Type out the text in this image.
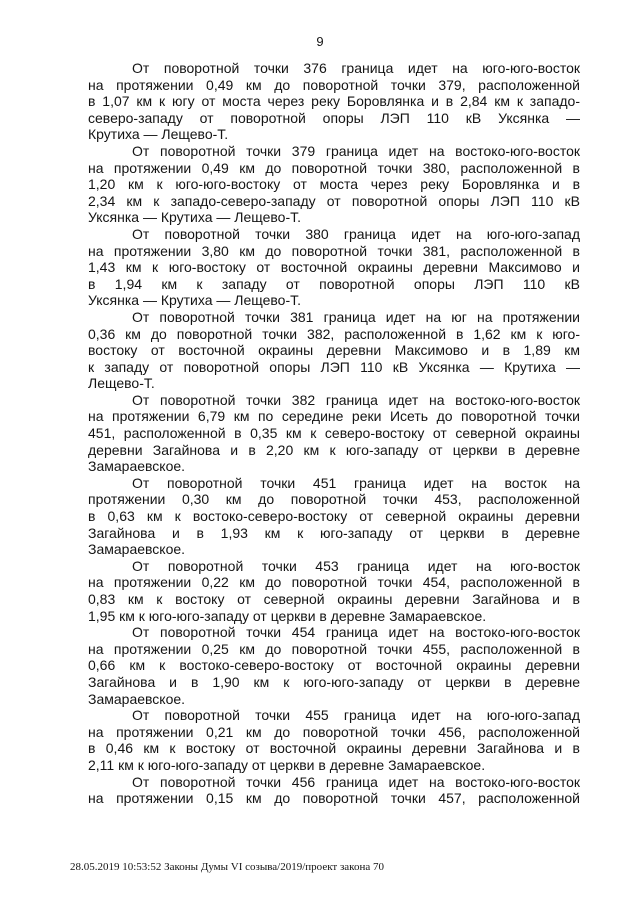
9
От поворотной точки 376 граница идет на юго-юго-восток
на протяжении 0,49 км до поворотной точки 379, расположенной
в 1,07 км к югу от моста через реку Боровлянка и в 2,84 км к западо-
северо-западу от поворотной опоры ЛЭП 110 кВ Уксянка —
Крутиха — Лещево-Т.
От поворотной точки 379 граница идет на востоко-юго-восток
на протяжении 0,49 км до поворотной точки 380, расположенной в
1,20 км к юго-юго-востоку от моста через реку Боровлянка и в
2,34 км к западо-северо-западу от поворотной опоры ЛЭП 110 кВ
Уксянка — Крутиха — Лещево-Т.
От поворотной точки 380 граница идет на юго-юго-запад
на протяжении 3,80 км до поворотной точки 381, расположенной в
1,43 км к юго-востоку от восточной окраины деревни Максимово и
в 1,94 км к западу от поворотной опоры ЛЭП 110 кВ
Уксянка — Крутиха — Лещево-Т.
От поворотной точки 381 граница идет на юг на протяжении
0,36 км до поворотной точки 382, расположенной в 1,62 км к юго-
востоку от восточной окраины деревни Максимово и в 1,89 км
к западу от поворотной опоры ЛЭП 110 кВ Уксянка — Крутиха —
Лещево-Т.
От поворотной точки 382 граница идет на востоко-юго-восток
на протяжении 6,79 км по середине реки Исеть до поворотной точки
451, расположенной в 0,35 км к северо-востоку от северной окраины
деревни Загайнова и в 2,20 км к юго-западу от церкви в деревне
Замараевское.
От поворотной точки 451 граница идет на восток на
протяжении 0,30 км до поворотной точки 453, расположенной
в 0,63 км к востоко-северо-востоку от северной окраины деревни
Загайнова и в 1,93 км к юго-западу от церкви в деревне
Замараевское.
От поворотной точки 453 граница идет на юго-восток
на протяжении 0,22 км до поворотной точки 454, расположенной в
0,83 км к востоку от северной окраины деревни Загайнова и в
1,95 км к юго-юго-западу от церкви в деревне Замараевское.
От поворотной точки 454 граница идет на востоко-юго-восток
на протяжении 0,25 км до поворотной точки 455, расположенной в
0,66 км к востоко-северо-востоку от восточной окраины деревни
Загайнова и в 1,90 км к юго-юго-западу от церкви в деревне
Замараевское.
От поворотной точки 455 граница идет на юго-юго-запад
на протяжении 0,21 км до поворотной точки 456, расположенной
в 0,46 км к востоку от восточной окраины деревни Загайнова и в
2,11 км к юго-юго-западу от церкви в деревне Замараевское.
От поворотной точки 456 граница идет на востоко-юго-восток
на протяжении 0,15 км до поворотной точки 457, расположенной
28.05.2019 10:53:52 Законы Думы VI созыва/2019/проект закона 70
